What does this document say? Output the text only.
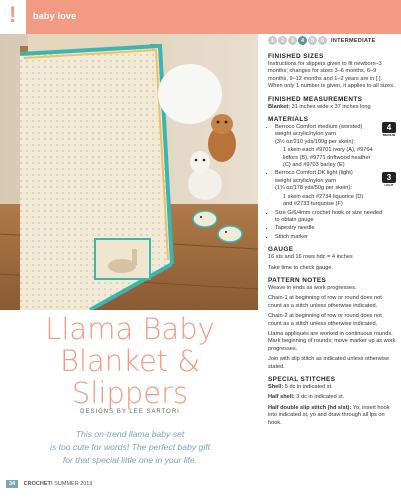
! baby love
Llama Baby
Blanket &
Slippers
DESIGNS BY LEE SARTORI
This on-trend llama baby set
is too cute for words! The perfect baby gift
for that special little one in your life.
34 CROCHET! SUMMER 2019
1	2	3	4	5	6	INTERMEDIATE
FINISHED SIZES

Instructions for slippers given to fit newborn–3 months; changes for sizes 3–6 months, 6–9 months, 9–12 months and 1–2 years are in [ ]. When only 1 number is given, it applies to all sizes.

FINISHED MEASUREMENTS

Blanket: 31 inches wide x 37 inches long

MATERIALS
4
MEDIUM
3
LIGHT
• Berroco Comfort medium (worsted)
weight acrylic/nylon yarn
(3½ oz/210 yds/100g per skein):
1 skein each #9701 ivory (A), #9764
lidfors (B), #9771 driftwood heather
(C) and #9703 barley (E)
• Berroco Comfort DK light (light)
weight acrylic/nylon yarn
(1¾ oz/178 yds/50g per skein):
1 skein each #2734 liquorice (D)
and #2733 turquoise (F)
• Size G/6/4mm crochet hook or size needed
to obtain gauge
• Tapestry needle
• Stitch marker
GAUGE

16 sts and 16 rows hdc = 4 inches

Take time to check gauge.

PATTERN NOTES

Weave in ends as work progresses.

Chain-1 at beginning of row or round does not count as a stitch unless otherwise indicated.

Chain-2 at beginning of row or round does not count as a stitch unless otherwise indicated.

Llama appliqués are worked in continuous rounds. Mark beginning of rounds; move marker up as work progresses.

Join with slip stitch as indicated unless otherwise stated.

SPECIAL STITCHES

Shell: 5 dc in indicated st.

Half shell: 3 dc in indicated st.

Half double slip stitch (hd slst): Yo, insert hook into indicated st, yo and draw through all lps on hook.
